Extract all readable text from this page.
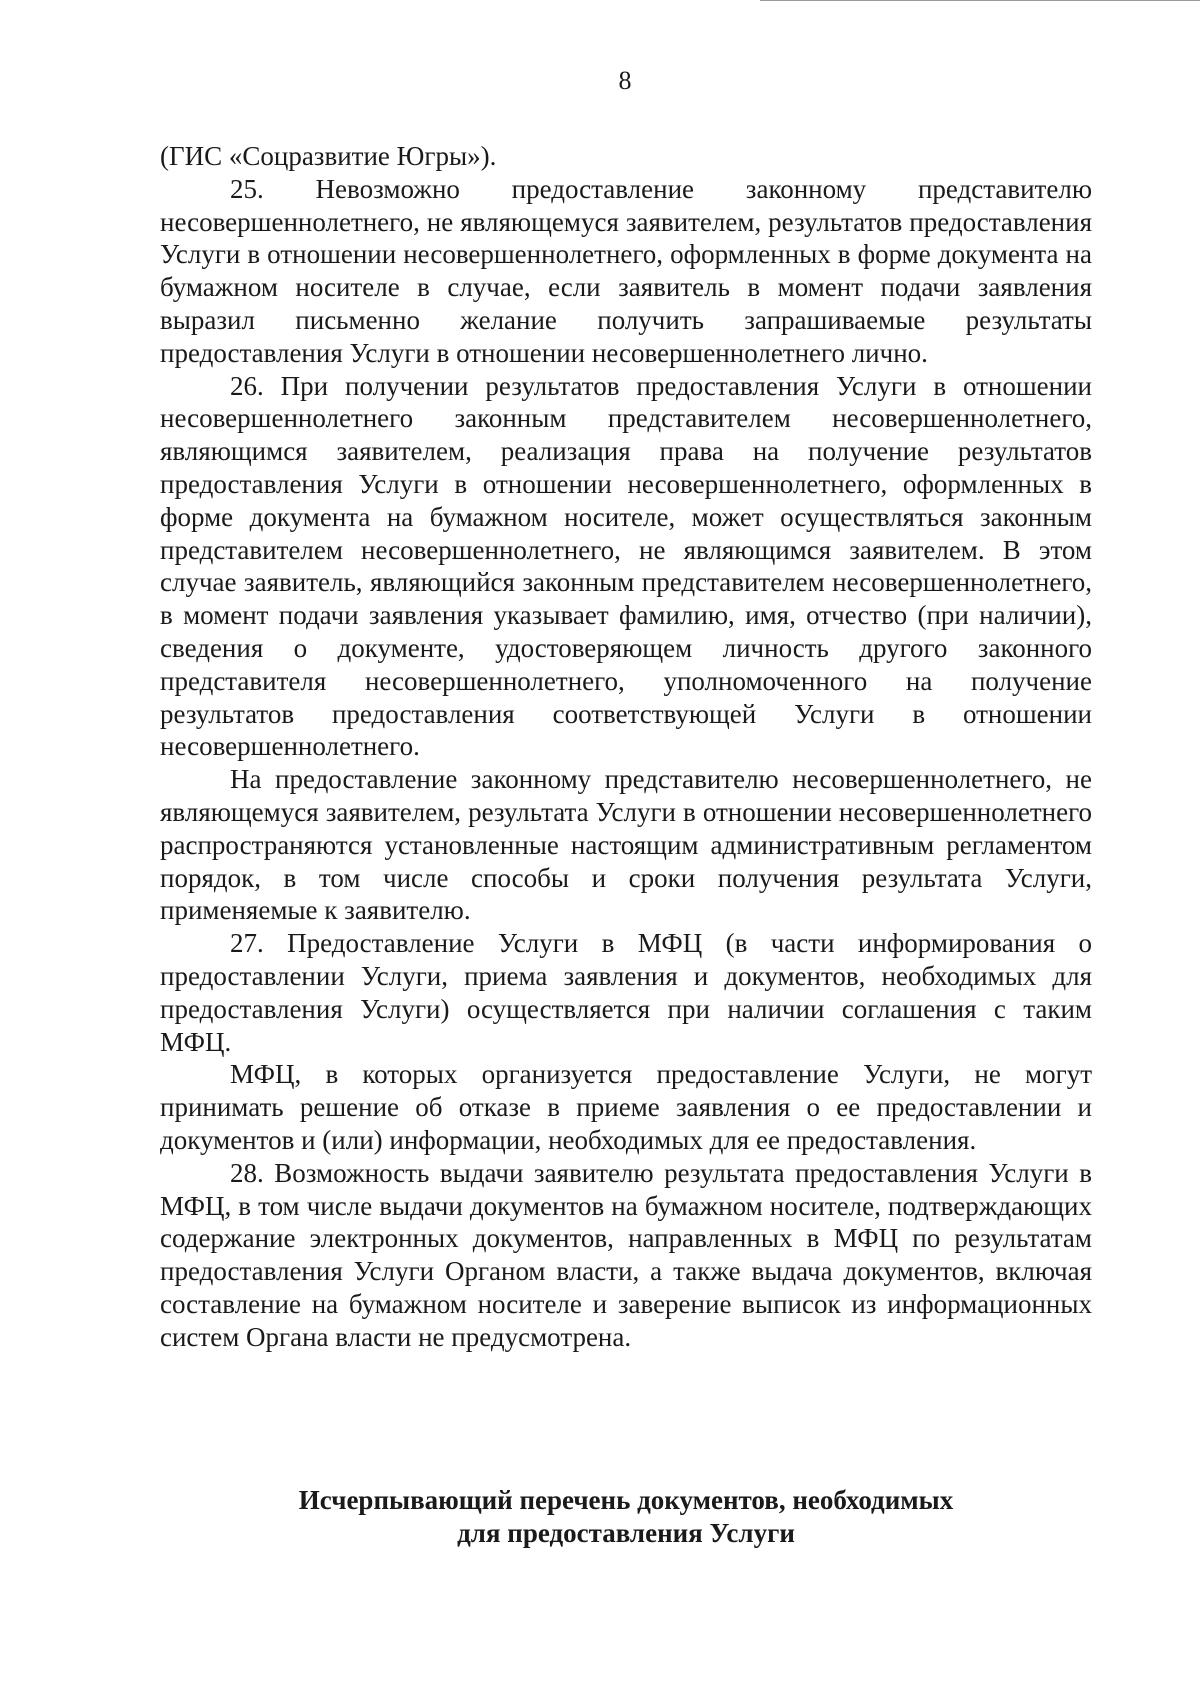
8

(ГИС «Соцразвитие Югры»).

25. Невозможно предоставление законному представителю несовершеннолетнего, не являющемуся заявителем, результатов предоставления Услуги в отношении несовершеннолетнего, оформленных в форме документа на бумажном носителе в случае, если заявитель в момент подачи заявления выразил письменно желание получить запрашиваемые результаты предоставления Услуги в отношении несовершеннолетнего лично.

26. При получении результатов предоставления Услуги в отношении несовершеннолетнего законным представителем несовершеннолетнего, являющимся заявителем, реализация права на получение результатов предоставления Услуги в отношении несовершеннолетнего, оформленных в форме документа на бумажном носителе, может осуществляться законным представителем несовершеннолетнего, не являющимся заявителем. В этом случае заявитель, являющийся законным представителем несовершеннолетнего, в момент подачи заявления указывает фамилию, имя, отчество (при наличии), сведения о документе, удостоверяющем личность другого законного представителя несовершеннолетнего, уполномоченного на получение результатов предоставления соответствующей Услуги в отношении несовершеннолетнего.

На предоставление законному представителю несовершеннолетнего, не являющемуся заявителем, результата Услуги в отношении несовершеннолетнего распространяются установленные настоящим административным регламентом порядок, в том числе способы и сроки получения результата Услуги, применяемые к заявителю.

27. Предоставление Услуги в МФЦ (в части информирования о предоставлении Услуги, приема заявления и документов, необходимых для предоставления Услуги) осуществляется при наличии соглашения с таким МФЦ.

МФЦ, в которых организуется предоставление Услуги, не могут принимать решение об отказе в приеме заявления о ее предоставлении и документов и (или) информации, необходимых для ее предоставления.

28. Возможность выдачи заявителю результата предоставления Услуги в МФЦ, в том числе выдачи документов на бумажном носителе, подтверждающих содержание электронных документов, направленных в МФЦ по результатам предоставления Услуги Органом власти, а также выдача документов, включая составление на бумажном носителе и заверение выписок из информационных систем Органа власти не предусмотрена.

Исчерпывающий перечень документов, необходимых
для предоставления Услуги
